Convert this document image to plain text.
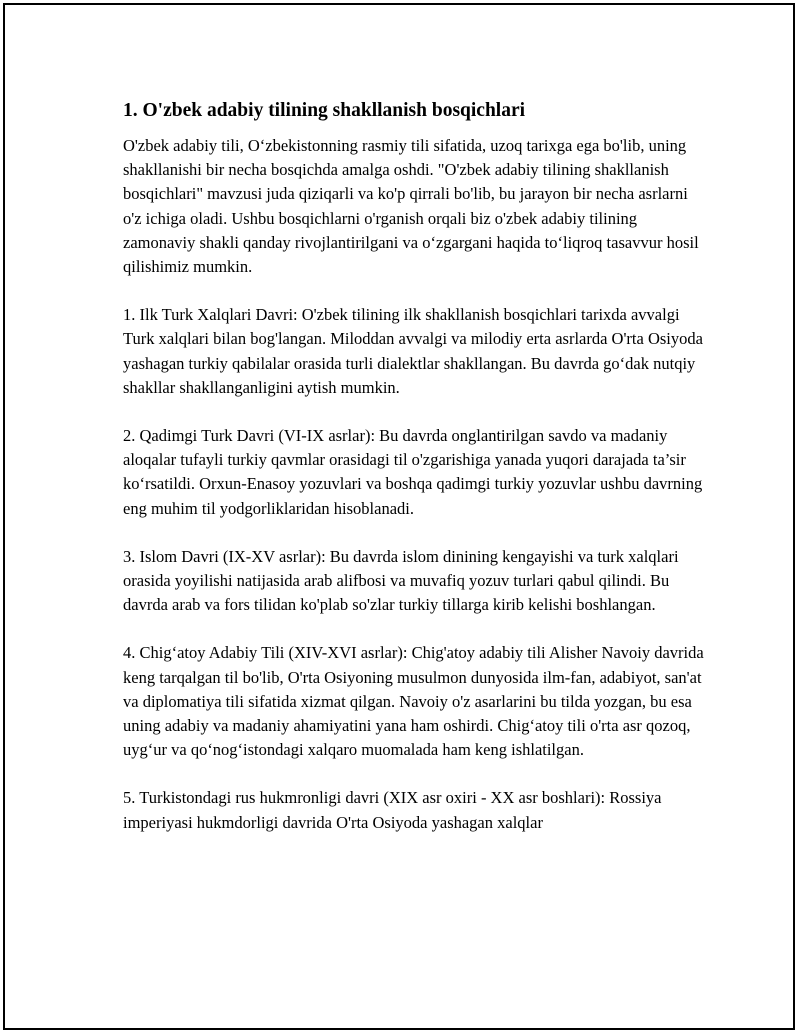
1. O'zbek adabiy tilining shakllanish bosqichlari

O'zbek adabiy tili, O‘zbekistonning rasmiy tili sifatida, uzoq tarixga ega bo'lib, uning shakllanishi bir necha bosqichda amalga oshdi. "O'zbek adabiy tilining shakllanish bosqichlari" mavzusi juda qiziqarli va ko'p qirrali bo'lib, bu jarayon bir necha asrlarni o'z ichiga oladi. Ushbu bosqichlarni o'rganish orqali biz o'zbek adabiy tilining zamonaviy shakli qanday rivojlantirilgani va o‘zgargani haqida to‘liqroq tasavvur hosil qilishimiz mumkin.

1. Ilk Turk Xalqlari Davri: O'zbek tilining ilk shakllanish bosqichlari tarixda avvalgi Turk xalqlari bilan bog'langan. Miloddan avvalgi va milodiy erta asrlarda O'rta Osiyoda yashagan turkiy qabilalar orasida turli dialektlar shakllangan. Bu davrda go‘dak nutqiy shakllar shakllanganligini aytish mumkin.

2. Qadimgi Turk Davri (VI-IX asrlar): Bu davrda onglantirilgan savdo va madaniy aloqalar tufayli turkiy qavmlar orasidagi til o'zgarishiga yanada yuqori darajada ta’sir ko‘rsatildi. Orxun-Enasoy yozuvlari va boshqa qadimgi turkiy yozuvlar ushbu davrning eng muhim til yodgorliklaridan hisoblanadi.

3. Islom Davri (IX-XV asrlar): Bu davrda islom dinining kengayishi va turk xalqlari orasida yoyilishi natijasida arab alifbosi va muvafiq yozuv turlari qabul qilindi. Bu davrda arab va fors tilidan ko'plab so'zlar turkiy tillarga kirib kelishi boshlangan.

4. Chig‘atoy Adabiy Tili (XIV-XVI asrlar): Chig'atoy adabiy tili Alisher Navoiy davrida keng tarqalgan til bo'lib, O'rta Osiyoning musulmon dunyosida ilm-fan, adabiyot, san'at va diplomatiya tili sifatida xizmat qilgan. Navoiy o'z asarlarini bu tilda yozgan, bu esa uning adabiy va madaniy ahamiyatini yana ham oshirdi. Chig‘atoy tili o'rta asr qozoq, uyg‘ur va qo‘nog‘istondagi xalqaro muomalada ham keng ishlatilgan.

5. Turkistondagi rus hukmronligi davri (XIX asr oxiri - XX asr boshlari): Rossiya imperiyasi hukmdorligi davrida O'rta Osiyoda yashagan xalqlar
